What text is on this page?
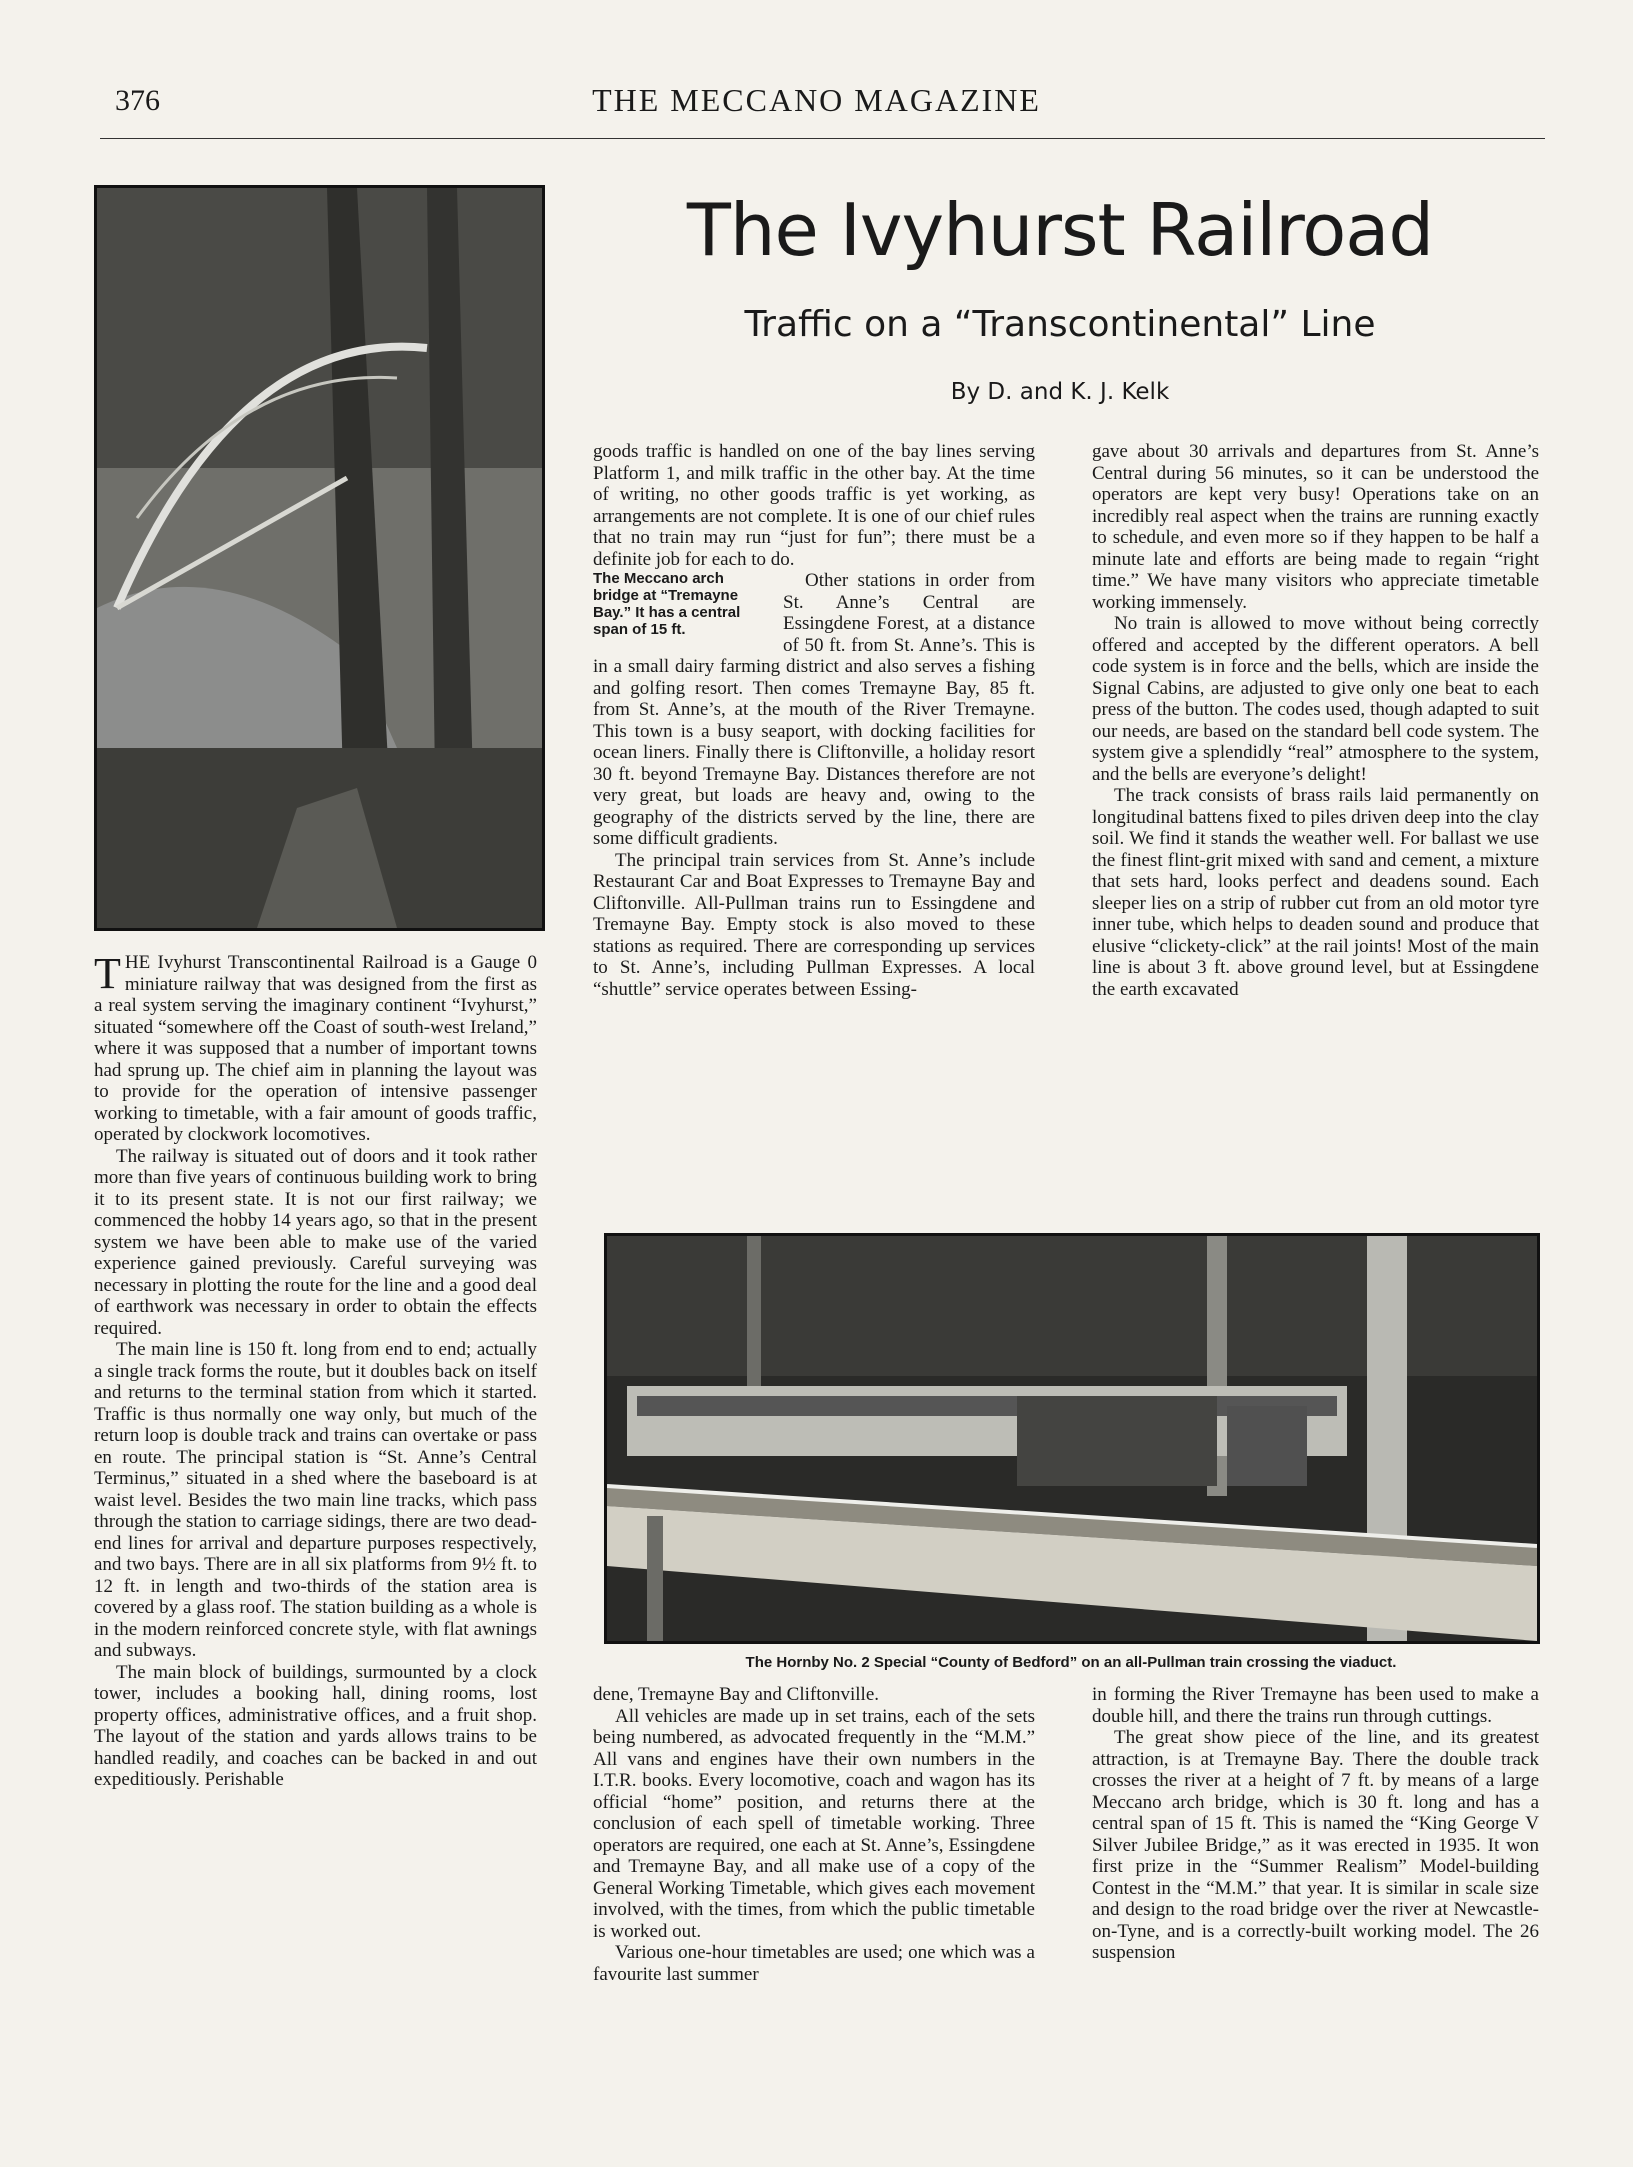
376	THE MECCANO MAGAZINE
The Ivyhurst Railroad
Traffic on a “Transcontinental” Line
By D. and K. J. Kelk

THE Ivyhurst Transcontinental Railroad is a Gauge 0 miniature railway that was designed from the first as a real system serving the imaginary continent “Ivyhurst,” situated “somewhere off the Coast of south-west Ireland,” where it was supposed that a number of important towns had sprung up. The chief aim in planning the layout was to provide for the operation of intensive passenger working to timetable, with a fair amount of goods traffic, operated by clockwork locomotives.

The railway is situated out of doors and it took rather more than five years of continuous building work to bring it to its present state. It is not our first railway; we commenced the hobby 14 years ago, so that in the present system we have been able to make use of the varied experience gained previously. Careful surveying was necessary in plotting the route for the line and a good deal of earthwork was necessary in order to obtain the effects required.

The main line is 150 ft. long from end to end; actually a single track forms the route, but it doubles back on itself and returns to the terminal station from which it started. Traffic is thus normally one way only, but much of the return loop is double track and trains can overtake or pass en route. The principal station is “St. Anne’s Central Terminus,” situated in a shed where the baseboard is at waist level. Besides the two main line tracks, which pass through the station to carriage sidings, there are two dead-end lines for arrival and departure purposes respectively, and two bays. There are in all six platforms from 9½ ft. to 12 ft. in length and two-thirds of the station area is covered by a glass roof. The station building as a whole is in the modern reinforced concrete style, with flat awnings and subways.

The main block of buildings, surmounted by a clock tower, includes a booking hall, dining rooms, lost property offices, administrative offices, and a fruit shop. The layout of the station and yards allows trains to be handled readily, and coaches can be backed in and out expeditiously. Perishable

goods traffic is handled on one of the bay lines serving Platform 1, and milk traffic in the other bay. At the time of writing, no other goods traffic is yet working, as arrangements are not complete. It is one of our chief rules that no train may run “just for fun”; there must be a definite job for each to do.

The Meccano arch bridge at “Tremayne Bay.” It has a central span of 15 ft.
Other stations in order from St. Anne’s Central are Essingdene Forest, at a distance of 50 ft. from St. Anne’s. This is in a small dairy farming district and also serves a fishing and golfing resort. Then comes Tremayne Bay, 85 ft. from St. Anne’s, at the mouth of the River Tremayne. This town is a busy seaport, with docking facilities for ocean liners. Finally there is Cliftonville, a holiday resort 30 ft. beyond Tremayne Bay. Distances therefore are not very great, but loads are heavy and, owing to the geography of the districts served by the line, there are some difficult gradients.

The principal train services from St. Anne’s include Restaurant Car and Boat Expresses to Tremayne Bay and Cliftonville. All-Pullman trains run to Essingdene and Tremayne Bay. Empty stock is also moved to these stations as required. There are corresponding up services to St. Anne’s, including Pullman Expresses. A local “shuttle” service operates between Essing-

gave about 30 arrivals and departures from St. Anne’s Central during 56 minutes, so it can be understood the operators are kept very busy! Operations take on an incredibly real aspect when the trains are running exactly to schedule, and even more so if they happen to be half a minute late and efforts are being made to regain “right time.” We have many visitors who appreciate timetable working immensely.

No train is allowed to move without being correctly offered and accepted by the different operators. A bell code system is in force and the bells, which are inside the Signal Cabins, are adjusted to give only one beat to each press of the button. The codes used, though adapted to suit our needs, are based on the standard bell code system. The system give a splendidly “real” atmosphere to the system, and the bells are everyone’s delight!

The track consists of brass rails laid permanently on longitudinal battens fixed to piles driven deep into the clay soil. We find it stands the weather well. For ballast we use the finest flint-grit mixed with sand and cement, a mixture that sets hard, looks perfect and deadens sound. Each sleeper lies on a strip of rubber cut from an old motor tyre inner tube, which helps to deaden sound and produce that elusive “clickety-click” at the rail joints! Most of the main line is about 3 ft. above ground level, but at Essingdene the earth excavated

The Hornby No. 2 Special “County of Bedford” on an all-Pullman train crossing the viaduct.

dene, Tremayne Bay and Cliftonville.

All vehicles are made up in set trains, each of the sets being numbered, as advocated frequently in the “M.M.” All vans and engines have their own numbers in the I.T.R. books. Every locomotive, coach and wagon has its official “home” position, and returns there at the conclusion of each spell of timetable working. Three operators are required, one each at St. Anne’s, Essingdene and Tremayne Bay, and all make use of a copy of the General Working Timetable, which gives each movement involved, with the times, from which the public timetable is worked out.

Various one-hour timetables are used; one which was a favourite last summer

in forming the River Tremayne has been used to make a double hill, and there the trains run through cuttings.

The great show piece of the line, and its greatest attraction, is at Tremayne Bay. There the double track crosses the river at a height of 7 ft. by means of a large Meccano arch bridge, which is 30 ft. long and has a central span of 15 ft. This is named the “King George V Silver Jubilee Bridge,” as it was erected in 1935. It won first prize in the “Summer Realism” Model-building Contest in the “M.M.” that year. It is similar in scale size and design to the road bridge over the river at Newcastle-on-Tyne, and is a correctly-built working model. The 26 suspension
